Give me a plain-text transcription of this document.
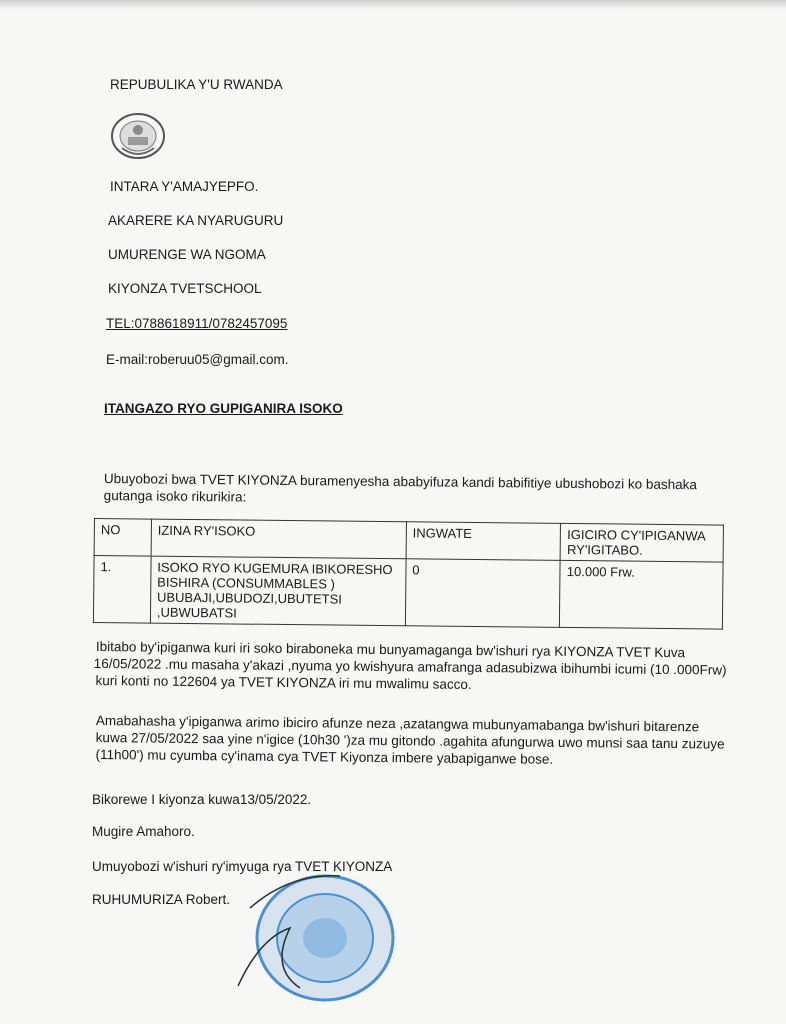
REPUBULIKA Y'U RWANDA
INTARA Y'AMAJYEPFO.
AKARERE KA NYARUGURU
UMURENGE WA NGOMA
KIYONZA TVETSCHOOL
TEL:0788618911/0782457095
E-mail:roberuu05@gmail.com.
ITANGAZO RYO GUPIGANIRA ISOKO
Ubuyobozi bwa TVET KIYONZA buramenyesha ababyifuza kandi babifitiye ubushobozi ko bashaka
gutanga isoko rikurikira:
NO	IZINA RY'ISOKO	INGWATE	IGICIRO CY'IPIGANWA RY'IGITABO.
1.	ISOKO RYO KUGEMURA IBIKORESHO
BISHIRA (CONSUMMABLES )
UBUBAJI,UBUDOZI,UBUTETSI
,UBWUBATSI	0	10.000 Frw.
Ibitabo by'ipiganwa kuri iri soko biraboneka mu bunyamaganga bw'ishuri rya KIYONZA TVET Kuva
16/05/2022 .mu masaha y'akazi ,nyuma yo kwishyura amafranga adasubizwa ibihumbi icumi (10 .000Frw)
kuri konti no 122604 ya TVET KIYONZA iri mu mwalimu sacco.
Amabahasha y'ipiganwa arimo ibiciro afunze neza ,azatangwa mubunyamabanga bw'ishuri bitarenze
kuwa 27/05/2022 saa yine n'igice (10h30 ')za mu gitondo .agahita afungurwa uwo munsi saa tanu zuzuye
(11h00') mu cyumba cy'inama cya TVET Kiyonza imbere yabapiganwe bose.
Bikorewe I kiyonza kuwa13/05/2022.
Mugire Amahoro.
Umuyobozi w'ishuri ry'imyuga rya TVET KIYONZA
RUHUMURIZA Robert.
